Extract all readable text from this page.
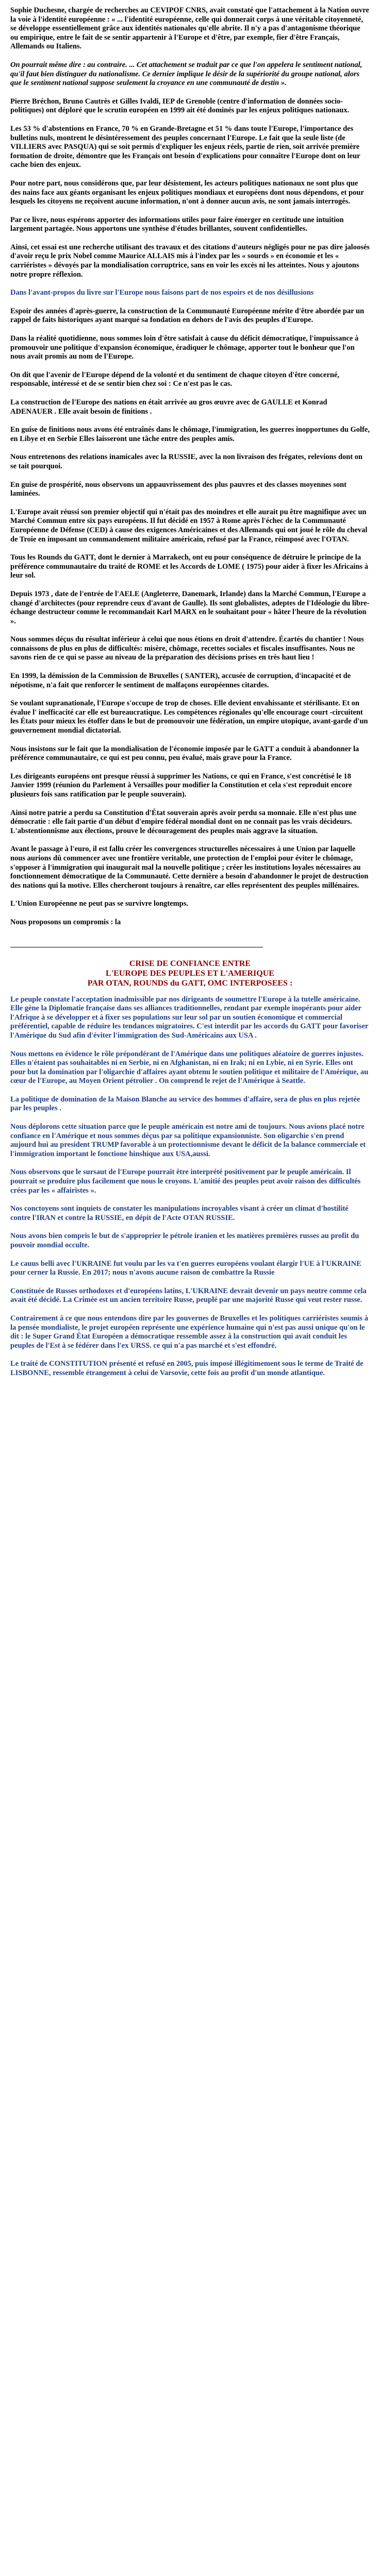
Sophie Duchesne, chargée de recherches au CEVIPOF CNRS, avait constaté que l'attachement à la Nation ouvre la voie à l'identité européenne : « ... l'identité européenne, celle qui donnerait corps à une véritable citoyenneté, se développe essentiellement grâce aux identités nationales qu'elle abrite. Il n'y a pas d'antagonisme théorique ou empirique, entre le fait de se sentir appartenir à l'Europe et d'être, par exemple, fier d'être Français, Allemands ou Italiens.

On pourrait même dire : au contraire. ... Cet attachement se traduit par ce que l'on appelera le sentiment national, qu'il faut bien distinguer du nationalisme. Ce dernier implique le désir de la supériorité du groupe national, alors que le sentiment national suppose seulement la croyance en une communauté de destin ».

Pierre Bréchon, Bruno Cautrès et Gilles Ivaldi, IEP de Grenoble (centre d'information de données socio-politiques) ont déploré que le scrutin européen en 1999 ait été dominés par les enjeux politiques nationaux.

Les 53 % d'abstentions en France, 70 % en Grande-Bretagne et 51 % dans toute l'Europe, l'importance des bulletins nuls, montrent le désintéressement des peuples concernant l'Europe. Le fait que la seule liste (de VILLIERS avec PASQUA) qui se soit permis d'expliquer les enjeux réels, partie de rien, soit arrivée première formation de droite, démontre que les Français ont besoin d'explications pour connaître l'Europe dont on leur cache bien des enjeux.

Pour notre part, nous considérons que, par leur désistement, les acteurs politiques nationaux ne sont plus que des nains face aux géants organisant les enjeux politiques mondiaux et européens dont nous dépendons, et pour lesquels les citoyens ne reçoivent aucune information, n'ont à donner aucun avis, ne sont jamais interrogés.

Par ce livre, nous espérons apporter des informations utiles pour faire émerger en certitude une intuition largement partagée. Nous apportons une synthèse d'études brillantes, souvent confidentielles.

Ainsi, cet essai est une recherche utilisant des travaux et des citations d'auteurs négligés pour ne pas dire jaloosés d'avoir reçu le prix Nobel comme Maurice ALLAIS mis à l'index par les « sourds » en économie et les « carriéristes » dévoyés par la mondialisation corruptrice, sans en voir les excès ni les atteintes. Nous y ajoutons notre propre réflexion.

Dans l'avant-propos du livre sur l'Europe nous faisons part de nos espoirs et de nos désillusions

Espoir des années d'après-guerre, la construction de la Communauté Européenne mérite d'être abordée par un rappel de faits historiques ayant marqué sa fondation en dehors de l'avis des peuples d'Europe.

Dans la réalité quotidienne, nous sommes loin d'être satisfait à cause du déficit démocratique, l'impuissance à promouvoir une politique d'expansion économique, éradiquer le chômage, apporter tout le bonheur que l'on nous avait promis au nom de l'Europe.

On dit que l'avenir de l'Europe dépend de la volonté et du sentiment de chaque citoyen d'être concerné, responsable, intéressé et de se sentir bien chez soi : Ce n'est pas le cas.

La construction de l'Europe des nations en était arrivée au gros œuvre avec de GAULLE et Konrad ADENAUER . Elle avait besoin de finitions .

En guise de finitions nous avons été entraînés dans le chômage, l'immigration, les guerres inopportunes du Golfe, en Libye et en Serbie Elles laisseront une tâche entre des peuples amis.

Nous entretenons des relations inamicales avec la RUSSIE, avec la non livraison des frégates, relevions dont on se tait pourquoi.

En guise de prospérité, nous observons un appauvrissement des plus pauvres et des classes moyennes sont laminées.

L'Europe avait réussi son premier objectif qui n'était pas des moindres et elle aurait pu être magnifique avec un Marché Commun entre six pays européens. Il fut décidé en 1957 à Rome après l'échec de la Communauté Européenne de Défense (CED) à cause des exigences Américaines et des Allemands qui ont joué le rôle du cheval de Troie en imposant un commandement militaire américain, refusé par la France, réimposé avec l'OTAN.

Tous les Rounds du GATT, dont le dernier à Marrakech, ont eu pour conséquence de détruire le principe de la préférence communautaire du traité de ROME et les Accords de LOME ( 1975) pour aider à fixer les Africains à leur sol.

Depuis 1973 , date de l'entrée de l'AELE (Angleterre, Danemark, Irlande) dans la Marché Commun, l'Europe a changé d'architectes (pour reprendre ceux d'avant de Gaulle). Ils sont globalistes, adeptes de l'Idéologie du libre-échange destructeur comme le recommandait Karl MARX en le souhaitant pour « hâter l'heure de la révolution ».

Nous sommes déçus du résultat inférieur à celui que nous étions en droit d'attendre. Écartés du chantier ! Nous connaissons de plus en plus de difficultés: misère, chômage, recettes sociales et fiscales insuffisantes. Nous ne savons rien de ce qui se passe au niveau de la préparation des décisions prises en très haut lieu !

En 1999, la démission de la Commission de Bruxelles ( SANTER), accusée de corruption, d'incapacité et de népotisme, n'a fait que renforcer le sentiment de malfaçons européennes citardes.

Se voulant supranationale, l'Europe s'occupe de trop de choses. Elle devient envahissante et stérilisante. Et on évalue l' inefficacité car elle est bureaucratique. Les compétences régionales qu'elle encourage court -circuitent les États pour mieux les étoffer dans le but de promouvoir une fédération, un empire utopique, avant-garde d'un gouvernement mondial dictatorial.

Nous insistons sur le fait que la mondialisation de l'économie imposée par le GATT a conduit à abandonner la préférence communautaire, ce qui est peu connu, peu évalué, mais grave pour la France.

Les dirigeants européens ont presque réussi à supprimer les Nations, ce qui en France, s'est concrétisé le 18 Janvier 1999 (réunion du Parlement à Versailles pour modifier la Constitution et cela s'est reproduit encore plusieurs fois sans ratification par le peuple souverain).

Ainsi notre patrie a perdu sa Constitution d'État souverain après avoir perdu sa monnaie. Elle n'est plus une démocratie : elle fait partie d'un début d'empire fédéral mondial dont on ne connait pas les vrais décideurs. L'abstentionnisme aux élections, prouve le découragement des peuples mais aggrave la situation.

Avant le passage à l'euro, il est fallu créer les convergences structurelles nécessaires à une Union par laquelle nous aurions dû commencer avec une frontière veritable, une protection de l'emploi pour éviter le chômage, s'opposer à l'immigration qui inaugurait mal la nouvelle politique ; créer les institutions loyales nécessaires au fonctionnement démocratique de la Communauté. Cette dernière a besoin d'abandonner le projet de destruction des nations qui la motive. Elles chercheront toujours à renaître, car elles représentent des peuples millénaires.

L'Union Européenne ne peut pas se survivre longtemps.

Nous proposons un compromis : la

CRISE DE CONFIANCE ENTRE

L'EUROPE DES PEUPLES ET L'AMERIQUE

PAR OTAN, ROUNDS du GATT, OMC INTERPOSEES :

Le peuple constate l'acceptation inadmissible par nos dirigeants de soumettre l'Europe à la tutelle américaine. Elle gène la Diplomatie française dans ses alliances traditionnelles, rendant par exemple inopérants pour aider l'Afrique à se développer et à fixer ses populations sur leur sol par un soutien économique et commercial préférentiel, capable de réduire les tendances migratoires. C'est interdit par les accords du GATT pour favoriser l'Amérique du Sud afin d'éviter l'immigration des Sud-Américains aux USA .

Nous mettons en évidence le rôle prépondérant de l'Amérique dans une politiques aléatoire de guerres injustes. Elles n'étaient pas souhaitables ni en Serbie, ni en Afghanistan, ni en Irak; ni en Lybie, ni en Syrie. Elles ont pour but la domination par l'oligarchie d'affaires ayant obtenu le soutien politique et militaire de l'Amérique, au cœur de l'Europe, au Moyen Orient pétrolier . On comprend le rejet de l'Amérique à Seattle.

La politique de domination de la Maison Blanche au service des hommes d'affaire, sera de plus en plus rejetée par les peuples .

Nous déplorons cette situation parce que le peuple américain est notre ami de toujours. Nous avions placé notre confiance en l'Amérique et nous sommes déçus par sa politique expansionniste. Son oligarchie s'en prend aujourd hui au president TRUMP favorable à un protectionnisme devant le déficit de la balance commerciale et l'immigration important le fonctione hinshique aux USA,aussi.

Nous observons que le sursaut de l'Europe pourrait être interprété positivement par le peuple américain. Il pourrait se produire plus facilement que nous le croyons. L'amitié des peuples peut avoir raison des difficultés crées par les « affairistes ».

Nos conctoyens sont inquiets de constater les manipulations incroyables visant à créer un climat d'hostilité contre l'IRAN et contre la RUSSIE, en dépit de l'Acte OTAN RUSSIE.

Nous avons bien compris le but de s'approprier le pétrole iranien et les matières premières russes au profit du pouvoir mondial occulte.

Le cauus belli avec l'UKRAINE fut voulu par les va t'en guerres européens voulant élargir l'UE à l'UKRAINE pour cerner la Russie. En 2017; nous n'avons aucune raison de combattre la Russie

Constituée de Russes orthodoxes et d'européens latins, L'UKRAINE devrait devenir un pays neutre comme cela avait été décidé. La Crimée est un ancien territoire Russe, peuplé par une majorité Russe qui veut rester russe.

Contrairement à ce que nous entendons dire par les gouvernes de Bruxelles et les politiques carriéristes soumis à la pensée mondialiste, le projet européen représente une expérience humaine qui n'est pas aussi unique qu'on le dit : le Super Grand État Européen a démocratique ressemble assez à la construction qui avait conduit les peuples de l'Est à se fédérer dans l'ex URSS. ce qui n'a pas marché et s'est effondré.

Le traité de CONSTITUTION présenté et refusé en 2005, puis imposé illégitimement sous le terme de Traité de LISBONNE, ressemble étrangement à celui de Varsovie, cette fois au profit d'un monde atlantique.
